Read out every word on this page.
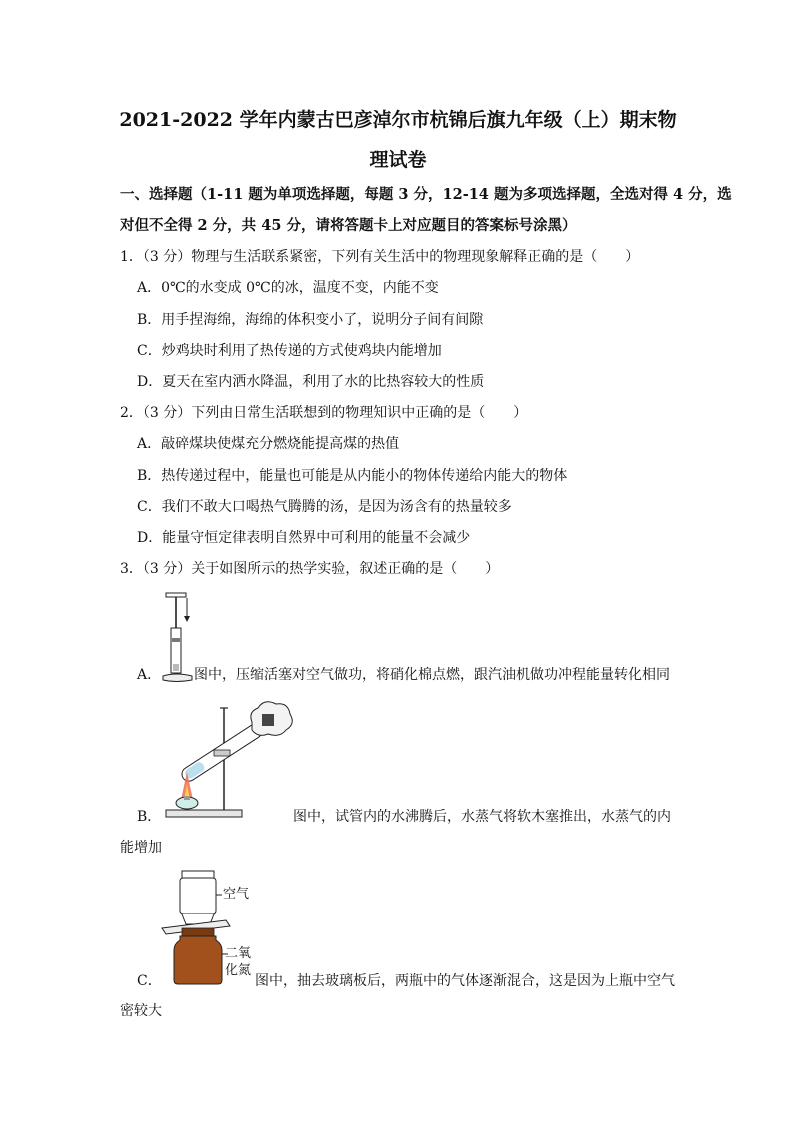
2021-2022 学年内蒙古巴彦淖尔市杭锦后旗九年级（上）期末物
理试卷
一、选择题（1-11 题为单项选择题，每题 3 分，12-14 题为多项选择题，全选对得 4 分，选
对但不全得 2 分，共 45 分，请将答题卡上对应题目的答案标号涂黑）
1．（3 分）物理与生活联系紧密，下列有关生活中的物理现象解释正确的是（　　）
A．0℃的水变成 0℃的冰，温度不变，内能不变
B．用手捏海绵，海绵的体积变小了，说明分子间有间隙
C．炒鸡块时利用了热传递的方式使鸡块内能增加
D．夏天在室内洒水降温，利用了水的比热容较大的性质
2．（3 分）下列由日常生活联想到的物理知识中正确的是（　　）
A．敲碎煤块使煤充分燃烧能提高煤的热值
B．热传递过程中，能量也可能是从内能小的物体传递给内能大的物体
C．我们不敢大口喝热气腾腾的汤，是因为汤含有的热量较多
D．能量守恒定律表明自然界中可利用的能量不会减少
3．（3 分）关于如图所示的热学实验，叙述正确的是（　　）
A． 图中，压缩活塞对空气做功，将硝化棉点燃，跟汽油机做功冲程能量转化相同
B．	图中，试管内的水沸腾后，水蒸气将软木塞推出，水蒸气的内
能增加
空气
二氧
化氮
C．	图中，抽去玻璃板后，两瓶中的气体逐渐混合，这是因为上瓶中空气
密较大
